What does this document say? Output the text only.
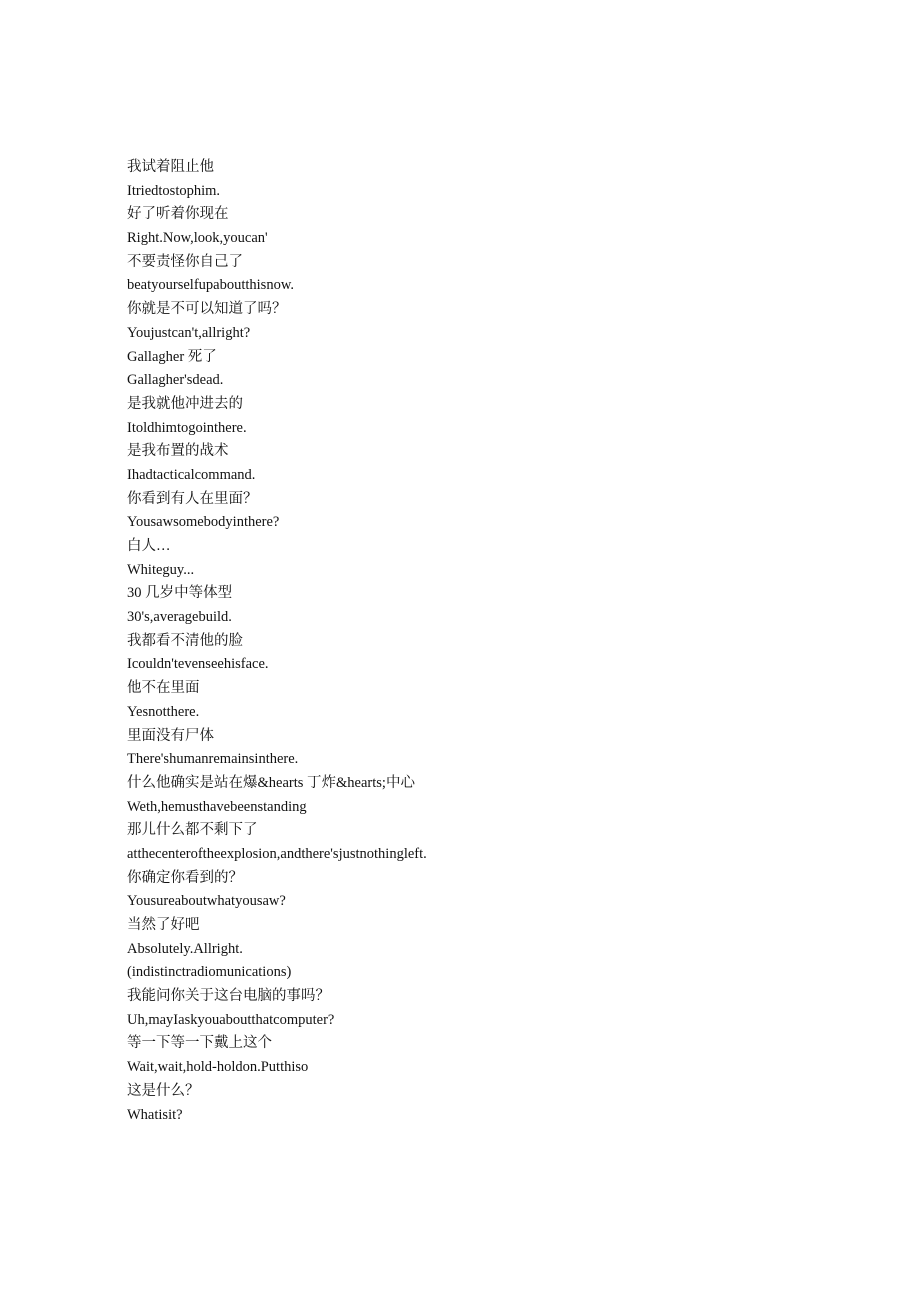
我试着阻止他
Itriedtostophim.
好了听着你现在
Right.Now,look,youcan'
不要责怪你自己了
beatyourselfupaboutthisnow.
你就是不可以知道了吗？
Youjustcan't,allright?
Gallagher 死了
Gallagher'sdead.
是我就他冲进去的
Itoldhimtogointhere.
是我布置的战术
Ihadtacticalcommand.
你看到有人在里面？
Yousawsomebodyinthere?
白人…
Whiteguy...
30 几岁中等体型
30's,averagebuild.
我都看不清他的脸
Icouldn'tevenseehisface.
他不在里面
Yesnotthere.
里面没有尸体
There'shumanremainsinthere.
什么他确实是站在爆&hearts 丁炸&hearts;中心
Weth,hemusthavebeenstanding
那儿什么都不剩下了
atthecenteroftheexplosion,andthere'sjustnothingleft.
你确定你看到的？
Yousureaboutwhatyousaw?
当然了好吧
Absolutely.Allright.
(indistinctradiomunications)
我能问你关于这台电脑的事吗？
Uh,mayIaskyouaboutthatcomputer?
等一下等一下戴上这个
Wait,wait,hold-holdon.Putthiso
这是什么？
Whatisit?
